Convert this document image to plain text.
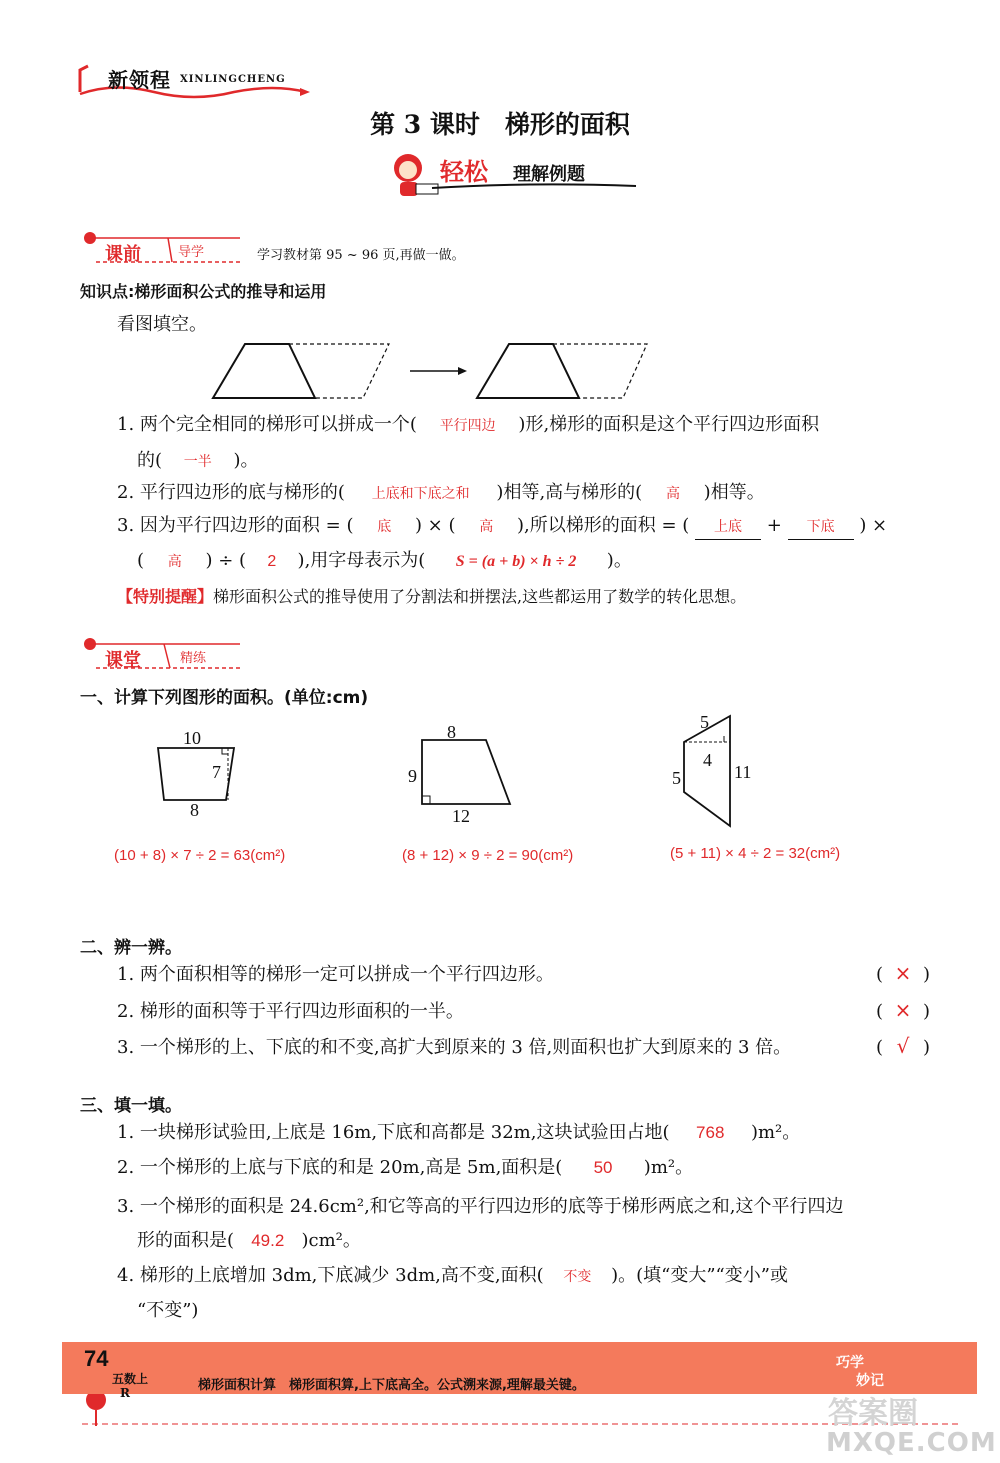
新领程 XINLINGCHENG
第 3 课时　梯形的面积
轻松 理解例题
课前	导学	学习教材第 95 ~ 96 页,再做一做。
知识点:梯形面积公式的推导和运用
看图填空。
1. 两个完全相同的梯形可以拼成一个( 平行四边 )形,梯形的面积是这个平行四边形面积
的( 一半 )。
2. 平行四边形的底与梯形的( 上底和下底之和 )相等,高与梯形的( 高 )相等。
3. 因为平行四边形的面积 = ( 底 ) × ( 高 ),所以梯形的面积 = ( 上底 + 下底 ) ×
( 高 ) ÷ ( 2 ),用字母表示为( S = (a + b) × h ÷ 2 )。
【特别提醒】梯形面积公式的推导使用了分割法和拼摆法,这些都运用了数学的转化思想。
课堂	精练
一、计算下列图形的面积。(单位:cm)
10
7
8
8
9
12
5
4
5	11
(10 + 8) × 7 ÷ 2 = 63(cm²)	(8 + 12) × 9 ÷ 2 = 90(cm²)	(5 + 11) × 4 ÷ 2 = 32(cm²)
二、辨一辨。
1. 两个面积相等的梯形一定可以拼成一个平行四边形。	( × )
2. 梯形的面积等于平行四边形面积的一半。	( × )
3. 一个梯形的上、下底的和不变,高扩大到原来的 3 倍,则面积也扩大到原来的 3 倍。	( √ )
三、填一填。
1. 一块梯形试验田,上底是 16m,下底和高都是 32m,这块试验田占地( 768 )m²。
2. 一个梯形的上底与下底的和是 20m,高是 5m,面积是( 50 )m²。
3. 一个梯形的面积是 24.6cm²,和它等高的平行四边形的底等于梯形两底之和,这个平行四边
形的面积是( 49.2 )cm²。
4. 梯形的上底增加 3dm,下底减少 3dm,高不变,面积( 不变 )。(填“变大”“变小”或
“不变”)
74
五数上
R	梯形面积计算　梯形面积算,上下底高全。公式溯来源,理解最关键。
巧学
妙记
答案圈
MXQE.COM
